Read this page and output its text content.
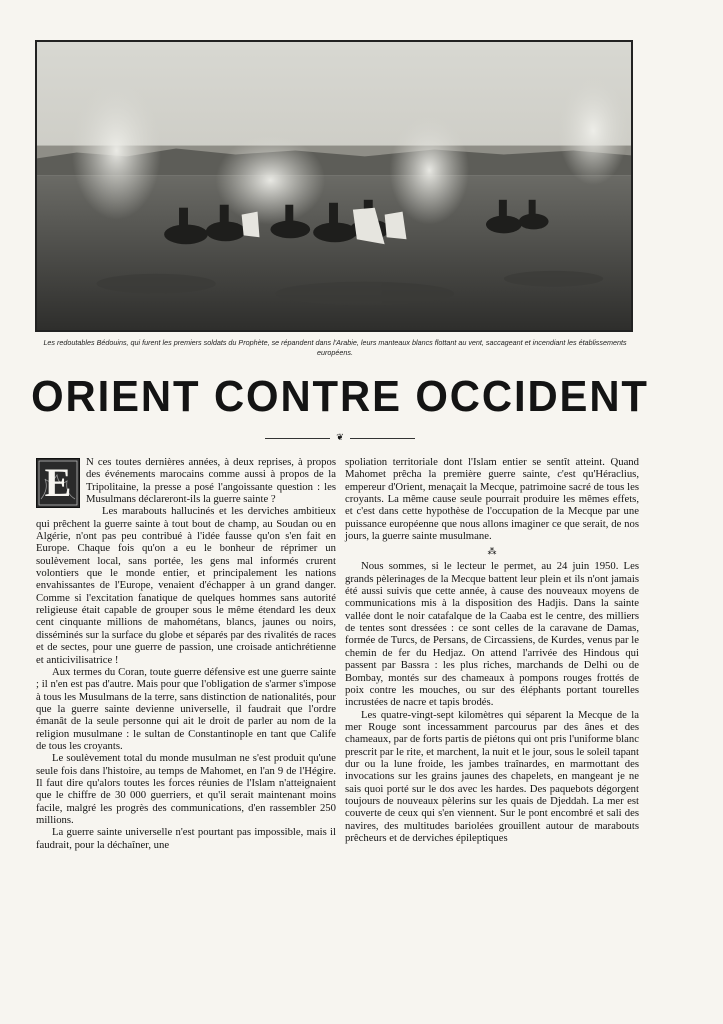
Les redoutables Bédouins, qui furent les premiers soldats du Prophète, se répandent dans l'Arabie, leurs manteaux blancs flottant au vent, saccageant et incendiant les établissements européens.
ORIENT CONTRE OCCIDENT
❦
E	N ces toutes dernières années, à deux reprises, à propos des événements marocains comme aussi à propos de la Tripolitaine, la presse a posé l'angoissante question : les Musulmans déclareront-ils la guerre sainte ?

Les marabouts hallucinés et les derviches ambitieux qui prêchent la guerre sainte à tout bout de champ, au Soudan ou en Algérie, n'ont pas peu contribué à l'idée fausse qu'on s'en fait en Europe. Chaque fois qu'on a eu le bonheur de réprimer un soulèvement local, sans portée, les gens mal informés crurent volontiers que le monde entier, et principalement les nations envahissantes de l'Europe, venaient d'échapper à un grand danger. Comme si l'excitation fanatique de quelques hommes sans autorité religieuse était capable de grouper sous le même étendard les deux cent cinquante millions de mahométans, blancs, jaunes ou noirs, disséminés sur la surface du globe et séparés par des rivalités de races et de sectes, pour une guerre de passion, une croisade antichrétienne et anticivilisatrice !

Aux termes du Coran, toute guerre défensive est une guerre sainte ; il n'en est pas d'autre. Mais pour que l'obligation de s'armer s'impose à tous les Musulmans de la terre, sans distinction de nationalités, pour que la guerre sainte devienne universelle, il faudrait que l'ordre émanât de la seule personne qui ait le droit de parler au nom de la religion musulmane : le sultan de Constantinople en tant que Calife de tous les croyants.

Le soulèvement total du monde musulman ne s'est produit qu'une seule fois dans l'histoire, au temps de Mahomet, en l'an 9 de l'Hégire. Il faut dire qu'alors toutes les forces réunies de l'Islam n'atteignaient que le chiffre de 30 000 guerriers, et qu'il serait maintenant moins facile, malgré les progrès des communications, d'en rassembler 250 millions.

La guerre sainte universelle n'est pourtant pas impossible, mais il faudrait, pour la déchaîner, une

spoliation territoriale dont l'Islam entier se sentît atteint. Quand Mahomet prêcha la première guerre sainte, c'est qu'Héraclius, empereur d'Orient, menaçait la Mecque, patrimoine sacré de tous les croyants. La même cause seule pourrait produire les mêmes effets, et c'est dans cette hypothèse de l'occupation de la Mecque par une puissance européenne que nous allons imaginer ce que serait, de nos jours, la guerre sainte musulmane.

⁂

Nous sommes, si le lecteur le permet, au 24 juin 1950. Les grands pèlerinages de la Mecque battent leur plein et ils n'ont jamais été aussi suivis que cette année, à cause des nouveaux moyens de communications mis à la disposition des Hadjis. Dans la sainte vallée dont le noir catafalque de la Caaba est le centre, des milliers de tentes sont dressées : ce sont celles de la caravane de Damas, formée de Turcs, de Persans, de Circassiens, de Kurdes, venus par le chemin de fer du Hedjaz. On attend l'arrivée des Hindous qui passent par Bassra : les plus riches, marchands de Delhi ou de Bombay, montés sur des chameaux à pompons rouges frottés de poix contre les mouches, ou sur des éléphants portant tourelles incrustées de nacre et tapis brodés.

Les quatre-vingt-sept kilomètres qui séparent la Mecque de la mer Rouge sont incessamment parcourus par des ânes et des chameaux, par de forts partis de piétons qui ont pris l'uniforme blanc prescrit par le rite, et marchent, la nuit et le jour, sous le soleil tapant dur ou la lune froide, les jambes traînardes, en marmottant des invocations sur les grains jaunes des chapelets, en mangeant je ne sais quoi porté sur le dos avec les hardes. Des paquebots dégorgent toujours de nouveaux pèlerins sur les quais de Djeddah. La mer est couverte de ceux qui s'en viennent. Sur le pont encombré et sali des navires, des multitudes bariolées grouillent autour de marabouts prêcheurs et de derviches épileptiques
